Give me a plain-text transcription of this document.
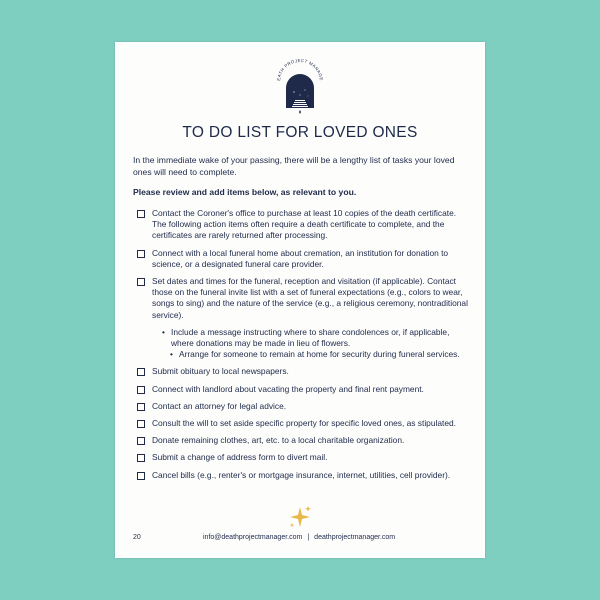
EATH PROJECT MANAGE
TO DO LIST FOR LOVED ONES
In the immediate wake of your passing, there will be a lengthy list of tasks your loved ones will need to complete.
Please review and add items below, as relevant to you.
Contact the Coroner's office to purchase at least 10 copies of the death certificate. The following action items often require a death certificate to complete, and the certificates are rarely returned after processing.
Connect with a local funeral home about cremation, an institution for donation to science, or a designated funeral care provider.
Set dates and times for the funeral, reception and visitation (if applicable). Contact those on the funeral invite list with a set of funeral expectations (e.g., colors to wear, songs to sing) and the nature of the service (e.g., a religious ceremony, nontraditional service).
• Include a message instructing where to share condolences or, if applicable, where donations may be made in lieu of flowers.
• Arrange for someone to remain at home for security during funeral services.
Submit obituary to local newspapers.
Connect with landlord about vacating the property and final rent payment.
Contact an attorney for legal advice.
Consult the will to set aside specific property for specific loved ones, as stipulated.
Donate remaining clothes, art, etc. to a local charitable organization.
Submit a change of address form to divert mail.
Cancel bills (e.g., renter's or mortgage insurance, internet, utilities, cell provider).
20	info@deathprojectmanager.com | deathprojectmanager.com
